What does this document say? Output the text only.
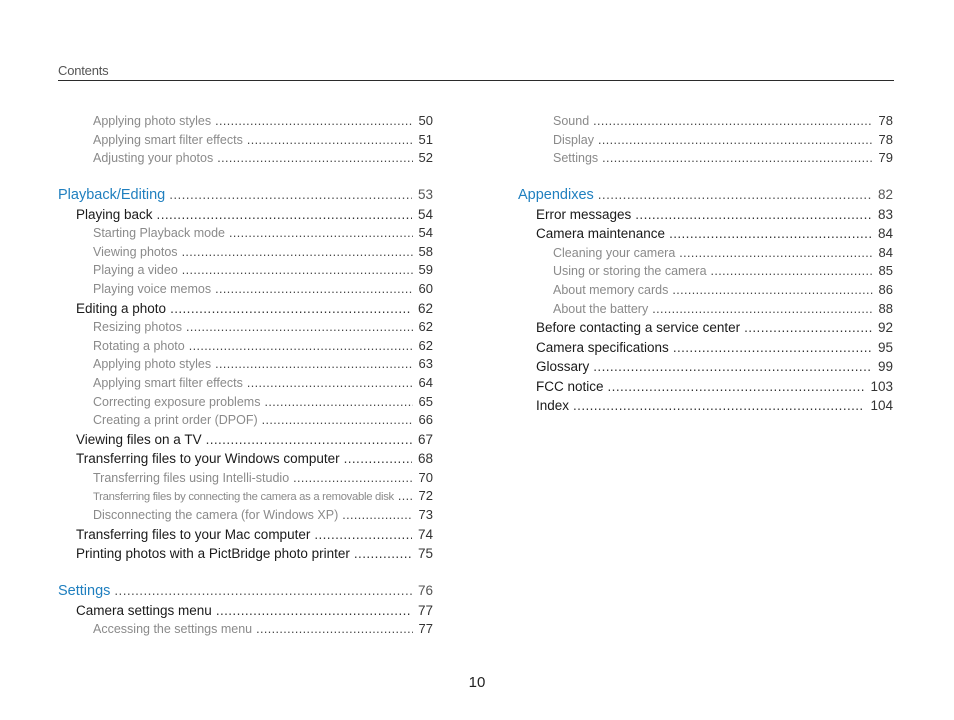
Contents
Applying photo styles .....	50
Applying smart filter effects .....	51
Adjusting your photos .....	52
Playback/Editing .....	53
Playing back .....	54
Starting Playback mode .....	54
Viewing photos .....	58
Playing a video .....	59
Playing voice memos .....	60
Editing a photo .....	62
Resizing photos .....	62
Rotating a photo .....	62
Applying photo styles .....	63
Applying smart filter effects .....	64
Correcting exposure problems .....	65
Creating a print order (DPOF) .....	66
Viewing files on a TV .....	67
Transferring files to your Windows computer .....	68
Transferring files using Intelli-studio .....	70
Transferring files by connecting the camera as a removable disk .....	72
Disconnecting the camera (for Windows XP) .....	73
Transferring files to your Mac computer .....	74
Printing photos with a PictBridge photo printer .....	75
Settings .....	76
Camera settings menu .....	77
Accessing the settings menu .....	77
Sound .....	78
Display .....	78
Settings .....	79
Appendixes .....	82
Error messages .....	83
Camera maintenance .....	84
Cleaning your camera .....	84
Using or storing the camera .....	85
About memory cards .....	86
About the battery .....	88
Before contacting a service center .....	92
Camera specifications .....	95
Glossary .....	99
FCC notice .....	103
Index .....	104
10
